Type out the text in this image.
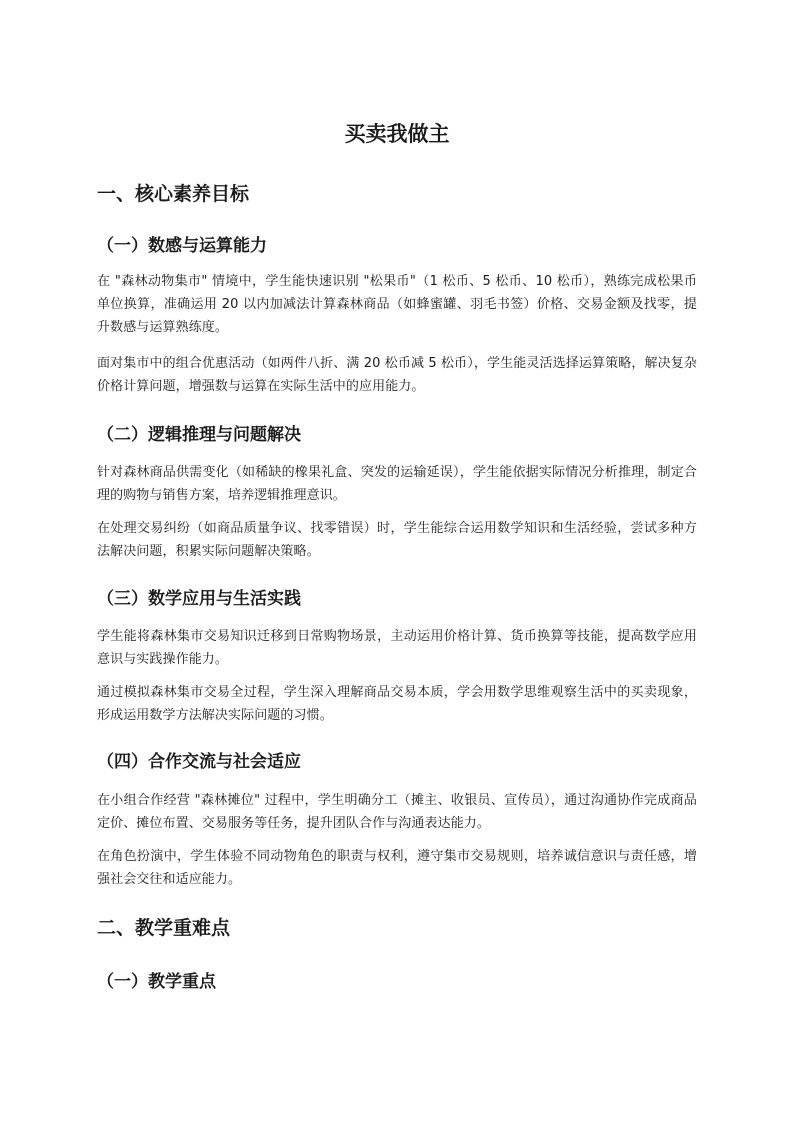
买卖我做主
一、核心素养目标
（一）数感与运算能力

在 "森林动物集市" 情境中，学生能快速识别 "松果币"（1 松币、5 松币、10 松币），熟练完成松果币单位换算，准确运用 20 以内加减法计算森林商品（如蜂蜜罐、羽毛书签）价格、交易金额及找零，提升数感与运算熟练度。

面对集市中的组合优惠活动（如两件八折、满 20 松币减 5 松币），学生能灵活选择运算策略，解决复杂价格计算问题，增强数与运算在实际生活中的应用能力。

（二）逻辑推理与问题解决

针对森林商品供需变化（如稀缺的橡果礼盒、突发的运输延误），学生能依据实际情况分析推理，制定合理的购物与销售方案，培养逻辑推理意识。

在处理交易纠纷（如商品质量争议、找零错误）时，学生能综合运用数学知识和生活经验，尝试多种方法解决问题，积累实际问题解决策略。

（三）数学应用与生活实践

学生能将森林集市交易知识迁移到日常购物场景，主动运用价格计算、货币换算等技能，提高数学应用意识与实践操作能力。

通过模拟森林集市交易全过程，学生深入理解商品交易本质，学会用数学思维观察生活中的买卖现象，形成运用数学方法解决实际问题的习惯。

（四）合作交流与社会适应

在小组合作经营 "森林摊位" 过程中，学生明确分工（摊主、收银员、宣传员），通过沟通协作完成商品定价、摊位布置、交易服务等任务，提升团队合作与沟通表达能力。

在角色扮演中，学生体验不同动物角色的职责与权利，遵守集市交易规则，培养诚信意识与责任感，增强社会交往和适应能力。

二、教学重难点
（一）教学重点
